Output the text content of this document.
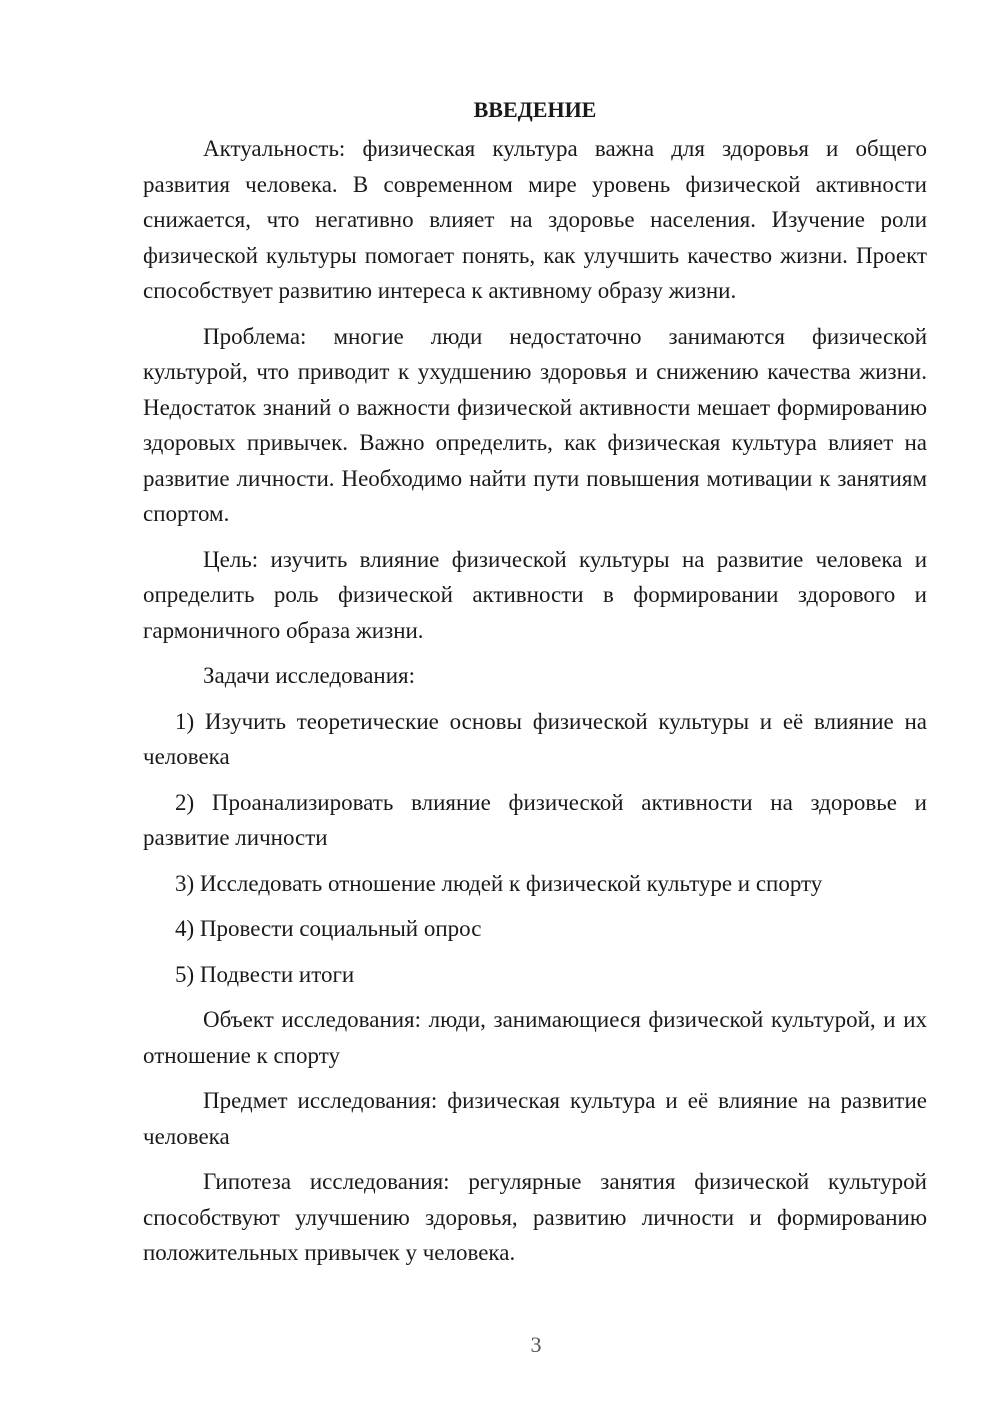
ВВЕДЕНИЕ

Актуальность: физическая культура важна для здоровья и общего развития человека. В современном мире уровень физической активности снижается, что негативно влияет на здоровье населения. Изучение роли физической культуры помогает понять, как улучшить качество жизни. Проект способствует развитию интереса к активному образу жизни.

Проблема: многие люди недостаточно занимаются физической культурой, что приводит к ухудшению здоровья и снижению качества жизни. Недостаток знаний о важности физической активности мешает формированию здоровых привычек. Важно определить, как физическая культура влияет на развитие личности. Необходимо найти пути повышения мотивации к занятиям спортом.

Цель: изучить влияние физической культуры на развитие человека и определить роль физической активности в формировании здорового и гармоничного образа жизни.

Задачи исследования:

1) Изучить теоретические основы физической культуры и её влияние на человека

2) Проанализировать влияние физической активности на здоровье и развитие личности

3) Исследовать отношение людей к физической культуре и спорту

4) Провести социальный опрос

5) Подвести итоги

Объект исследования: люди, занимающиеся физической культурой, и их отношение к спорту

Предмет исследования: физическая культура и её влияние на развитие человека

Гипотеза исследования: регулярные занятия физической культурой способствуют улучшению здоровья, развитию личности и формированию положительных привычек у человека.

3
